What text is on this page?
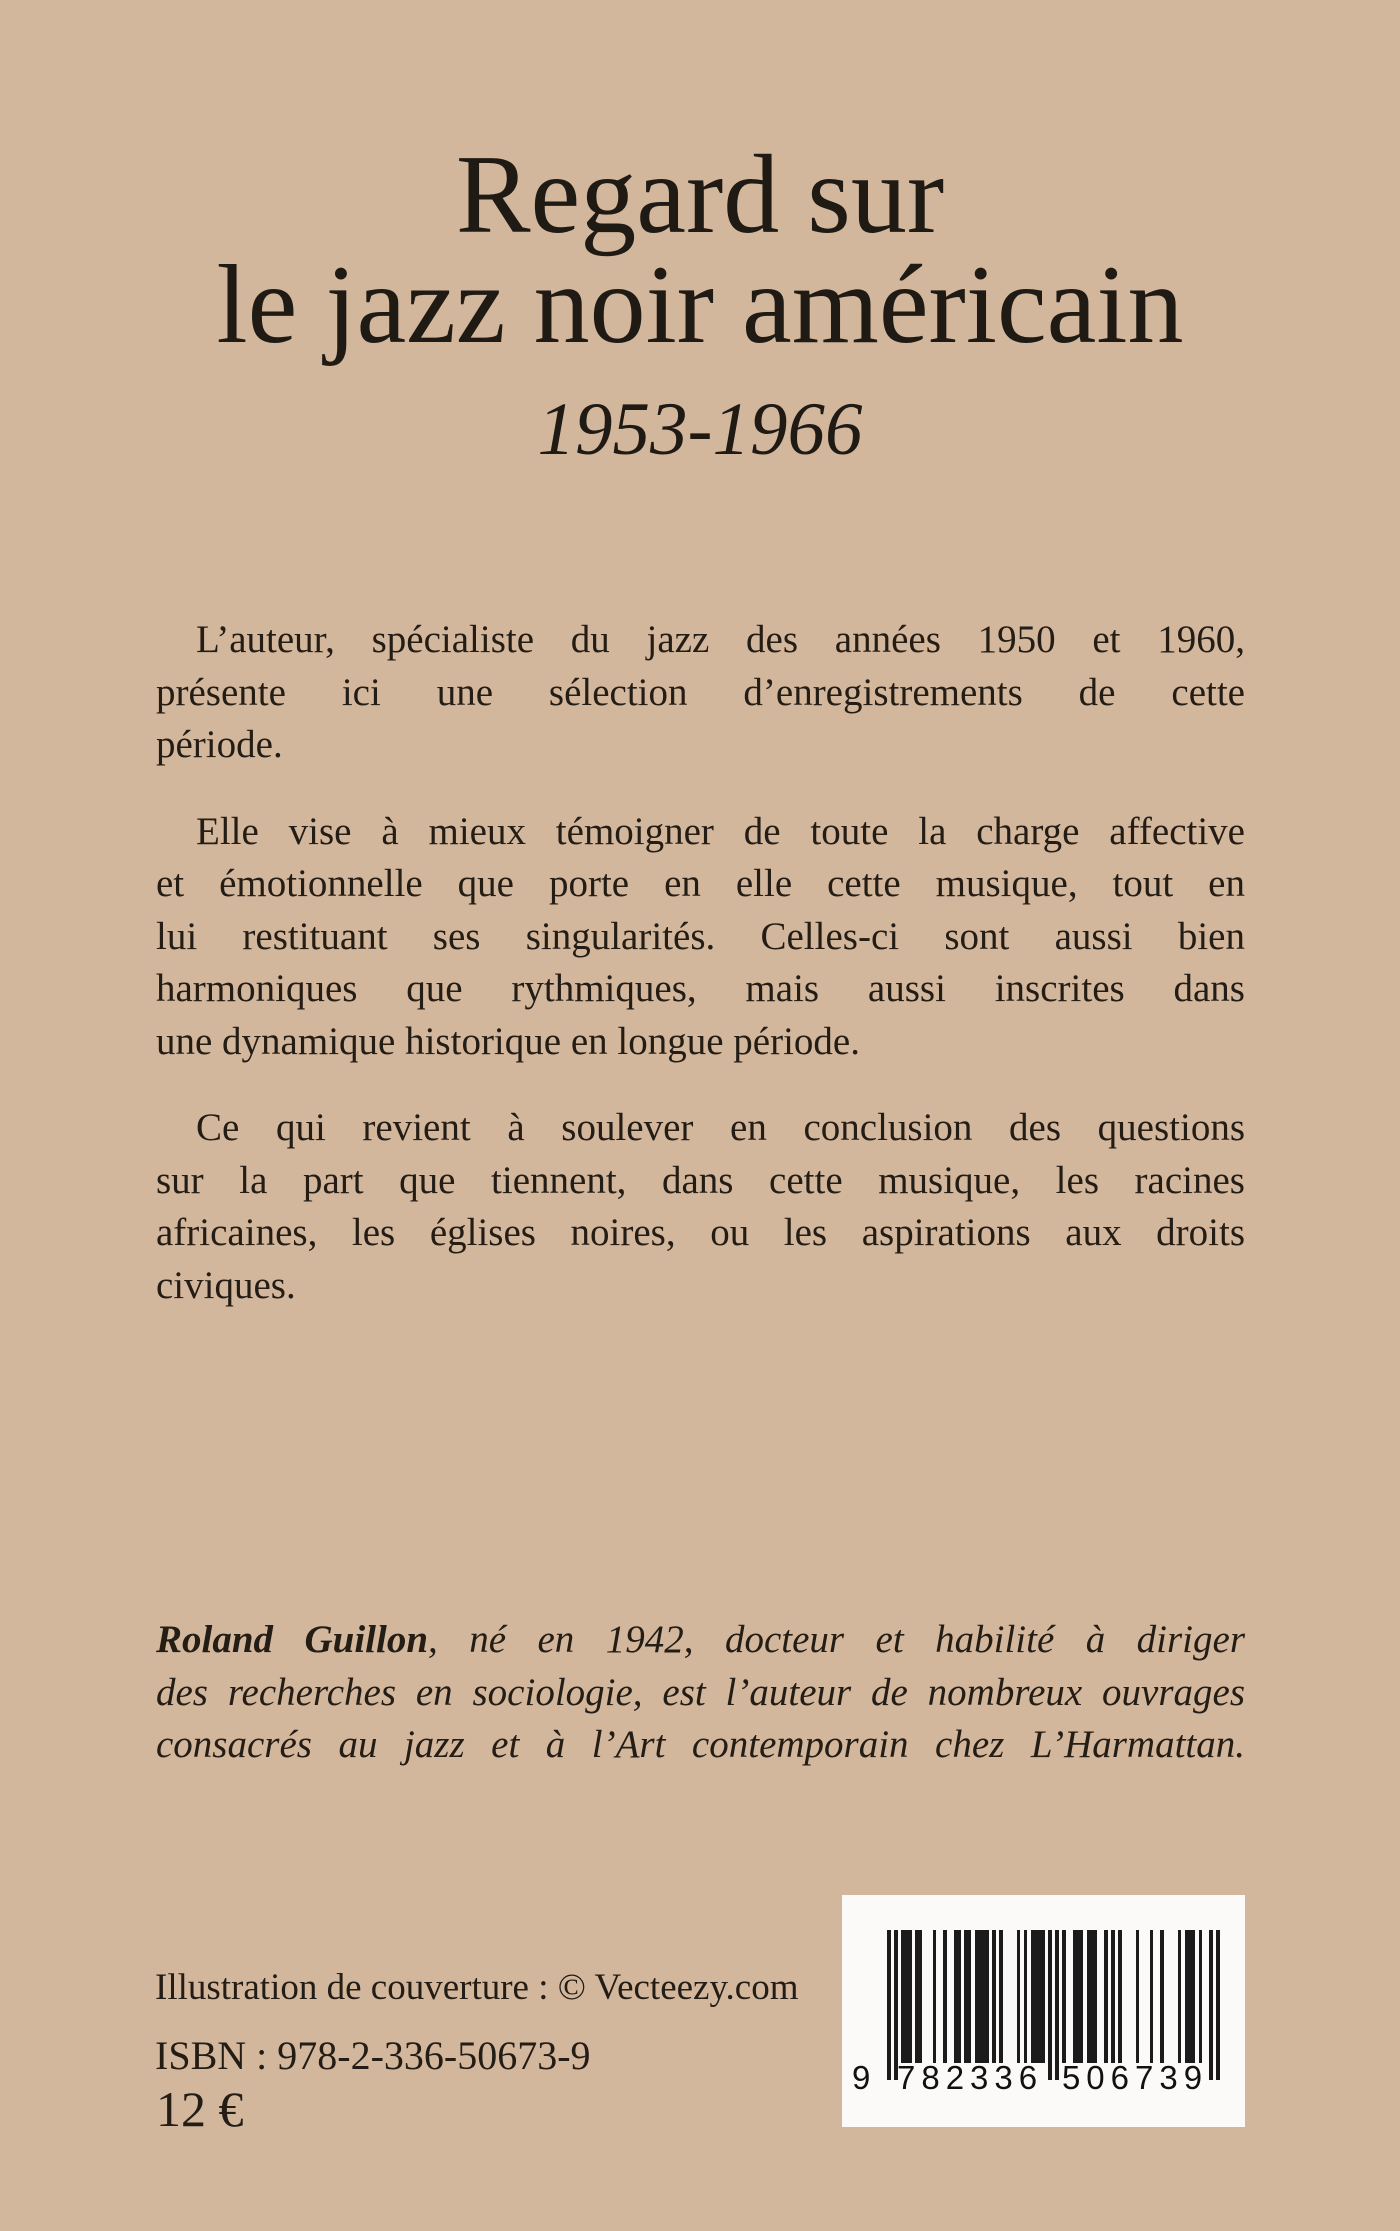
Regard sur
le jazz noir américain
1953-1966
L’auteur, spécialiste du jazz des années 1950 et 1960,
présente ici une sélection d’enregistrements de cette
période.
Elle vise à mieux témoigner de toute la charge affective
et émotionnelle que porte en elle cette musique, tout en
lui restituant ses singularités. Celles-ci sont aussi bien
harmoniques que rythmiques, mais aussi inscrites dans
une dynamique historique en longue période.
Ce qui revient à soulever en conclusion des questions
sur la part que tiennent, dans cette musique, les racines
africaines, les églises noires, ou les aspirations aux droits
civiques.
Roland Guillon, né en 1942, docteur et habilité à diriger
des recherches en sociologie, est l’auteur de nombreux ouvrages
consacrés au jazz et à l’Art contemporain chez L’Harmattan.
Illustration de couverture : © Vecteezy.com
ISBN : 978-2-336-50673-9
12 €
9 782336 506739
